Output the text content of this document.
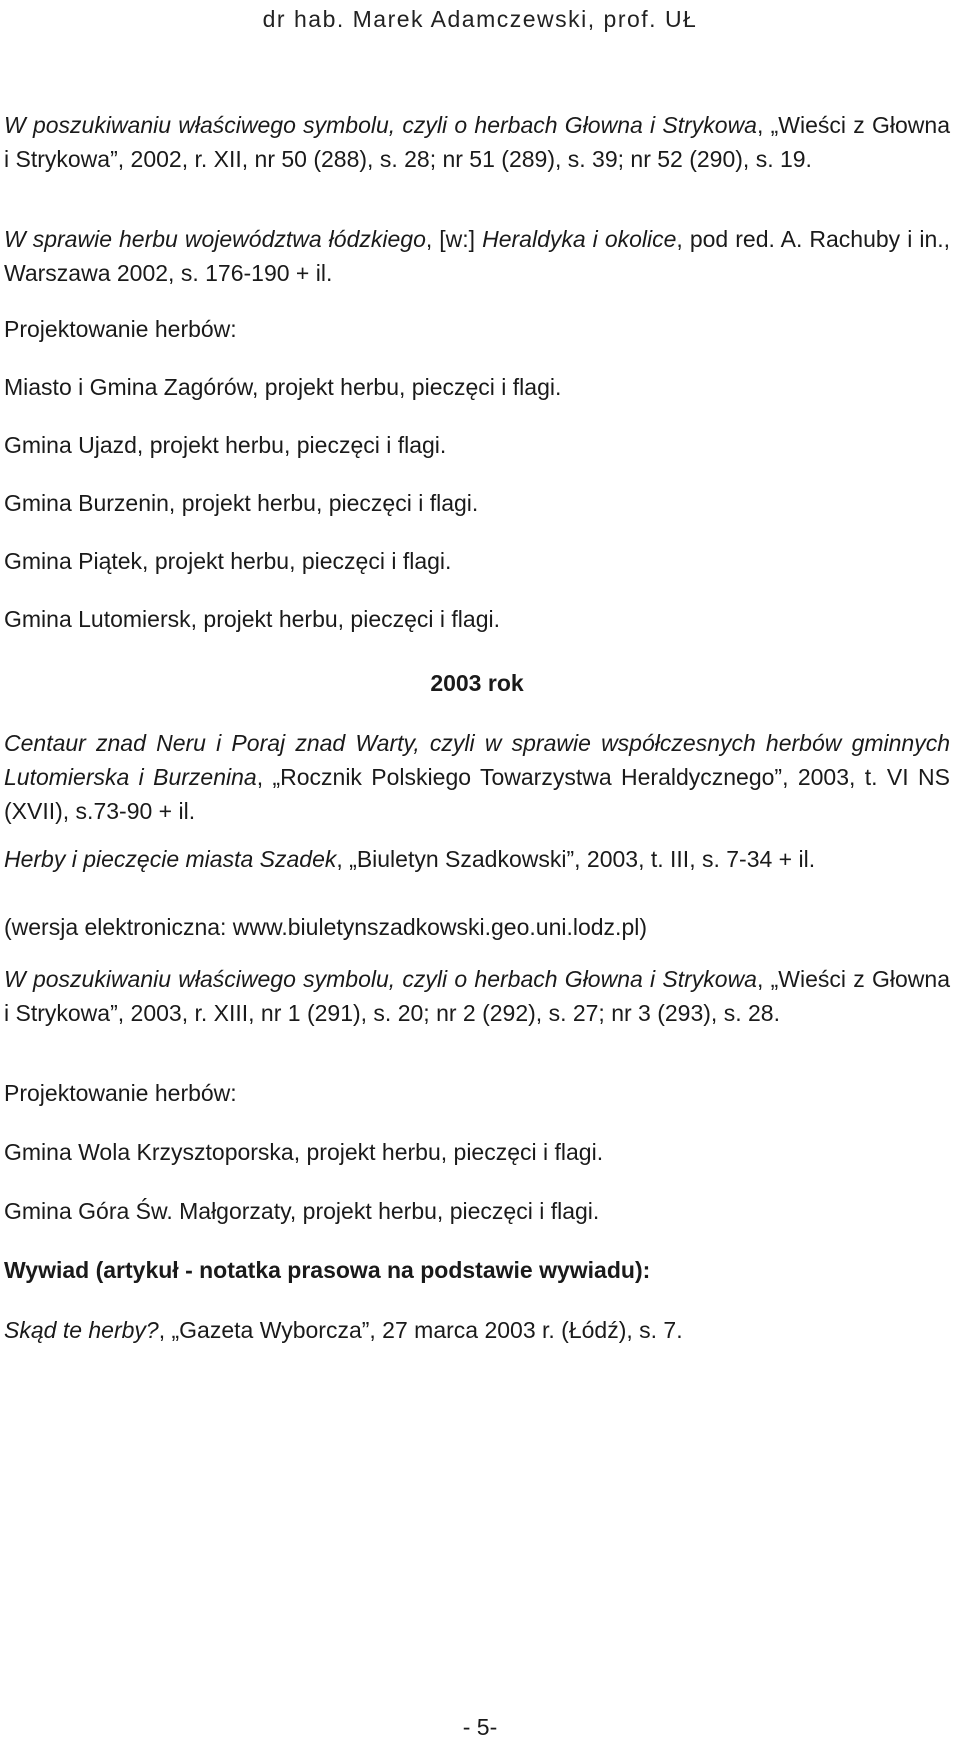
dr hab. Marek Adamczewski, prof. UŁ
W poszukiwaniu właściwego symbolu, czyli o herbach Głowna i Strykowa, „Wieści z Głowna i Strykowa”, 2002, r. XII, nr 50 (288), s. 28; nr 51 (289), s. 39; nr 52 (290), s. 19.
W sprawie herbu województwa łódzkiego, [w:] Heraldyka i okolice, pod red. A. Rachuby i in., Warszawa 2002, s. 176-190 + il.
Projektowanie herbów:
Miasto i Gmina Zagórów, projekt herbu, pieczęci i flagi.
Gmina Ujazd, projekt herbu, pieczęci i flagi.
Gmina Burzenin, projekt herbu, pieczęci i flagi.
Gmina Piątek, projekt herbu, pieczęci i flagi.
Gmina Lutomiersk, projekt herbu, pieczęci i flagi.
2003 rok
Centaur znad Neru i Poraj znad Warty, czyli w sprawie współczesnych herbów gminnych Lutomierska i Burzenina, „Rocznik Polskiego Towarzystwa Heraldycznego”, 2003, t. VI NS (XVII), s.73-90 + il.
Herby i pieczęcie miasta Szadek, „Biuletyn Szadkowski”, 2003, t. III, s. 7-34 + il.
(wersja elektroniczna: www.biuletynszadkowski.geo.uni.lodz.pl)
W poszukiwaniu właściwego symbolu, czyli o herbach Głowna i Strykowa, „Wieści z Głowna i Strykowa”, 2003, r. XIII, nr 1 (291), s. 20; nr 2 (292), s. 27; nr 3 (293), s. 28.
Projektowanie herbów:
Gmina Wola Krzysztoporska, projekt herbu, pieczęci i flagi.
Gmina Góra Św. Małgorzaty, projekt herbu, pieczęci i flagi.
Wywiad (artykuł - notatka prasowa na podstawie wywiadu):
Skąd te herby?, „Gazeta Wyborcza”, 27 marca 2003 r. (Łódź), s. 7.
- 5-
